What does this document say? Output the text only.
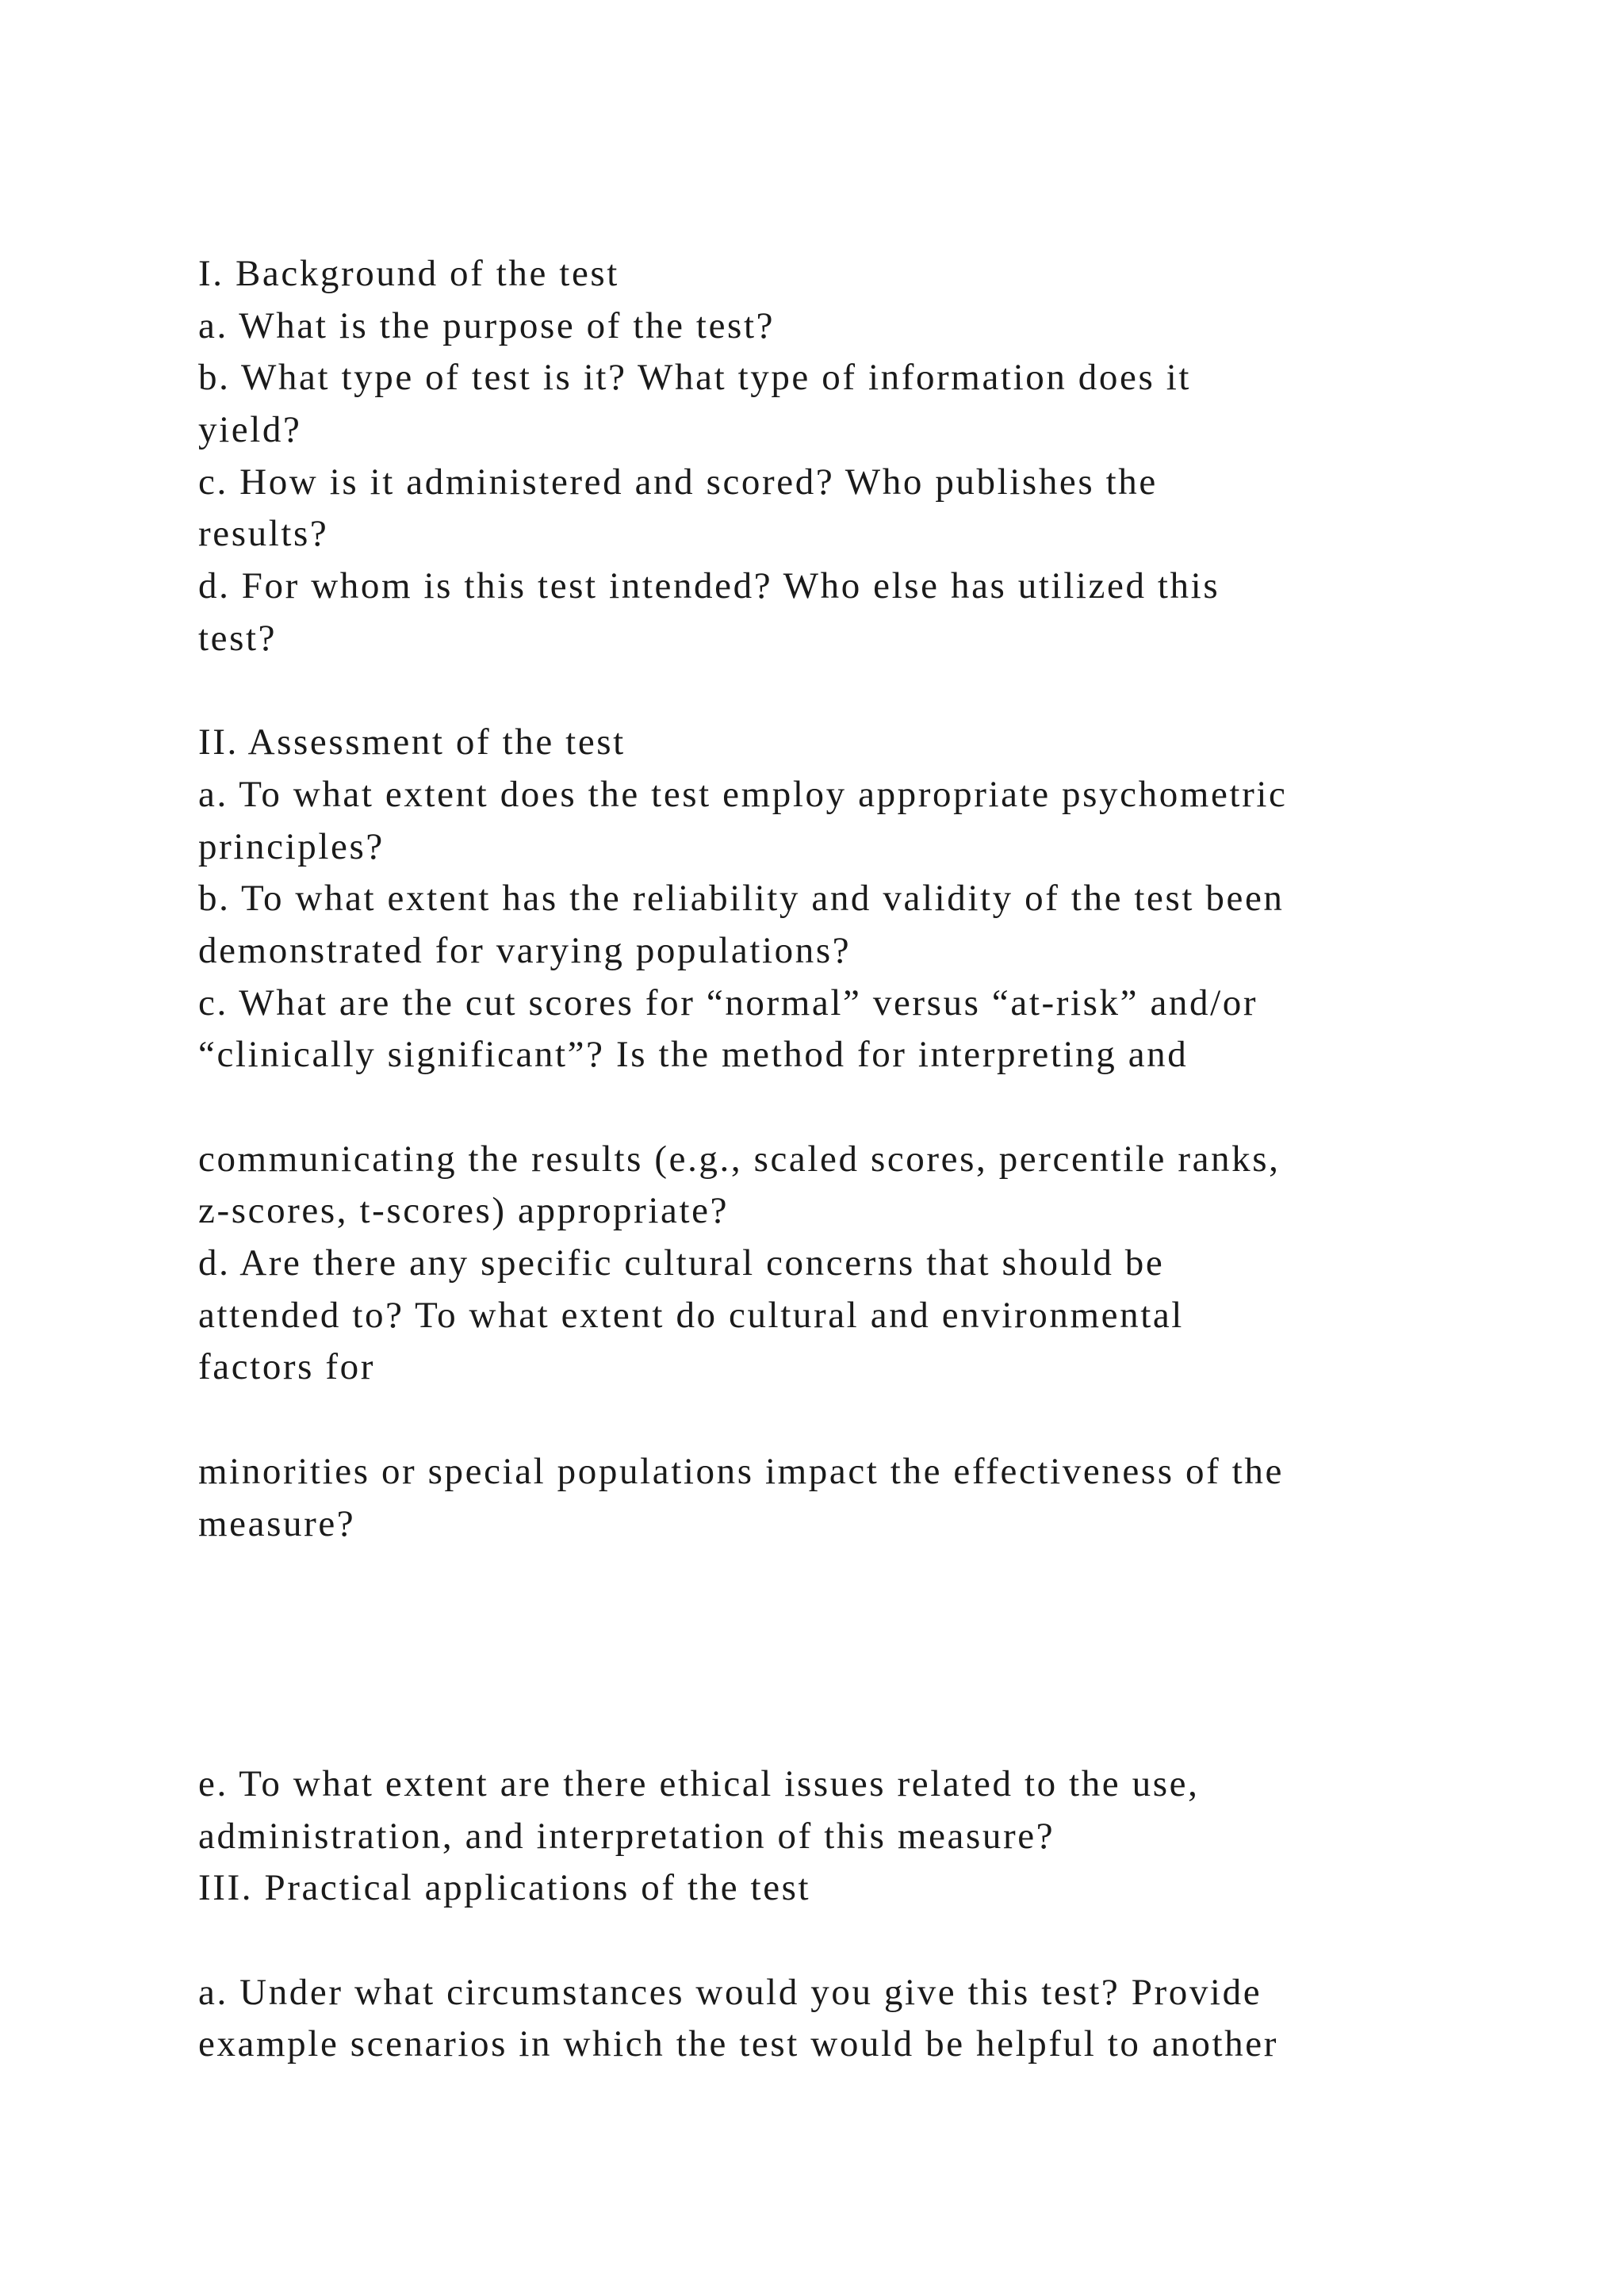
I. Background of the test
a. What is the purpose of the test?
b. What type of test is it? What type of information does it
yield?
c. How is it administered and scored? Who publishes the
results?
d. For whom is this test intended? Who else has utilized this
test?
II. Assessment of the test
a. To what extent does the test employ appropriate psychometric
principles?
b. To what extent has the reliability and validity of the test been
demonstrated for varying populations?
c. What are the cut scores for “normal” versus “at-risk” and/or
“clinically significant”? Is the method for interpreting and
communicating the results (e.g., scaled scores, percentile ranks,
z-scores, t-scores) appropriate?
d. Are there any specific cultural concerns that should be
attended to? To what extent do cultural and environmental
factors for
minorities or special populations impact the effectiveness of the
measure?
e. To what extent are there ethical issues related to the use,
administration, and interpretation of this measure?
III. Practical applications of the test
a. Under what circumstances would you give this test? Provide
example scenarios in which the test would be helpful to another
